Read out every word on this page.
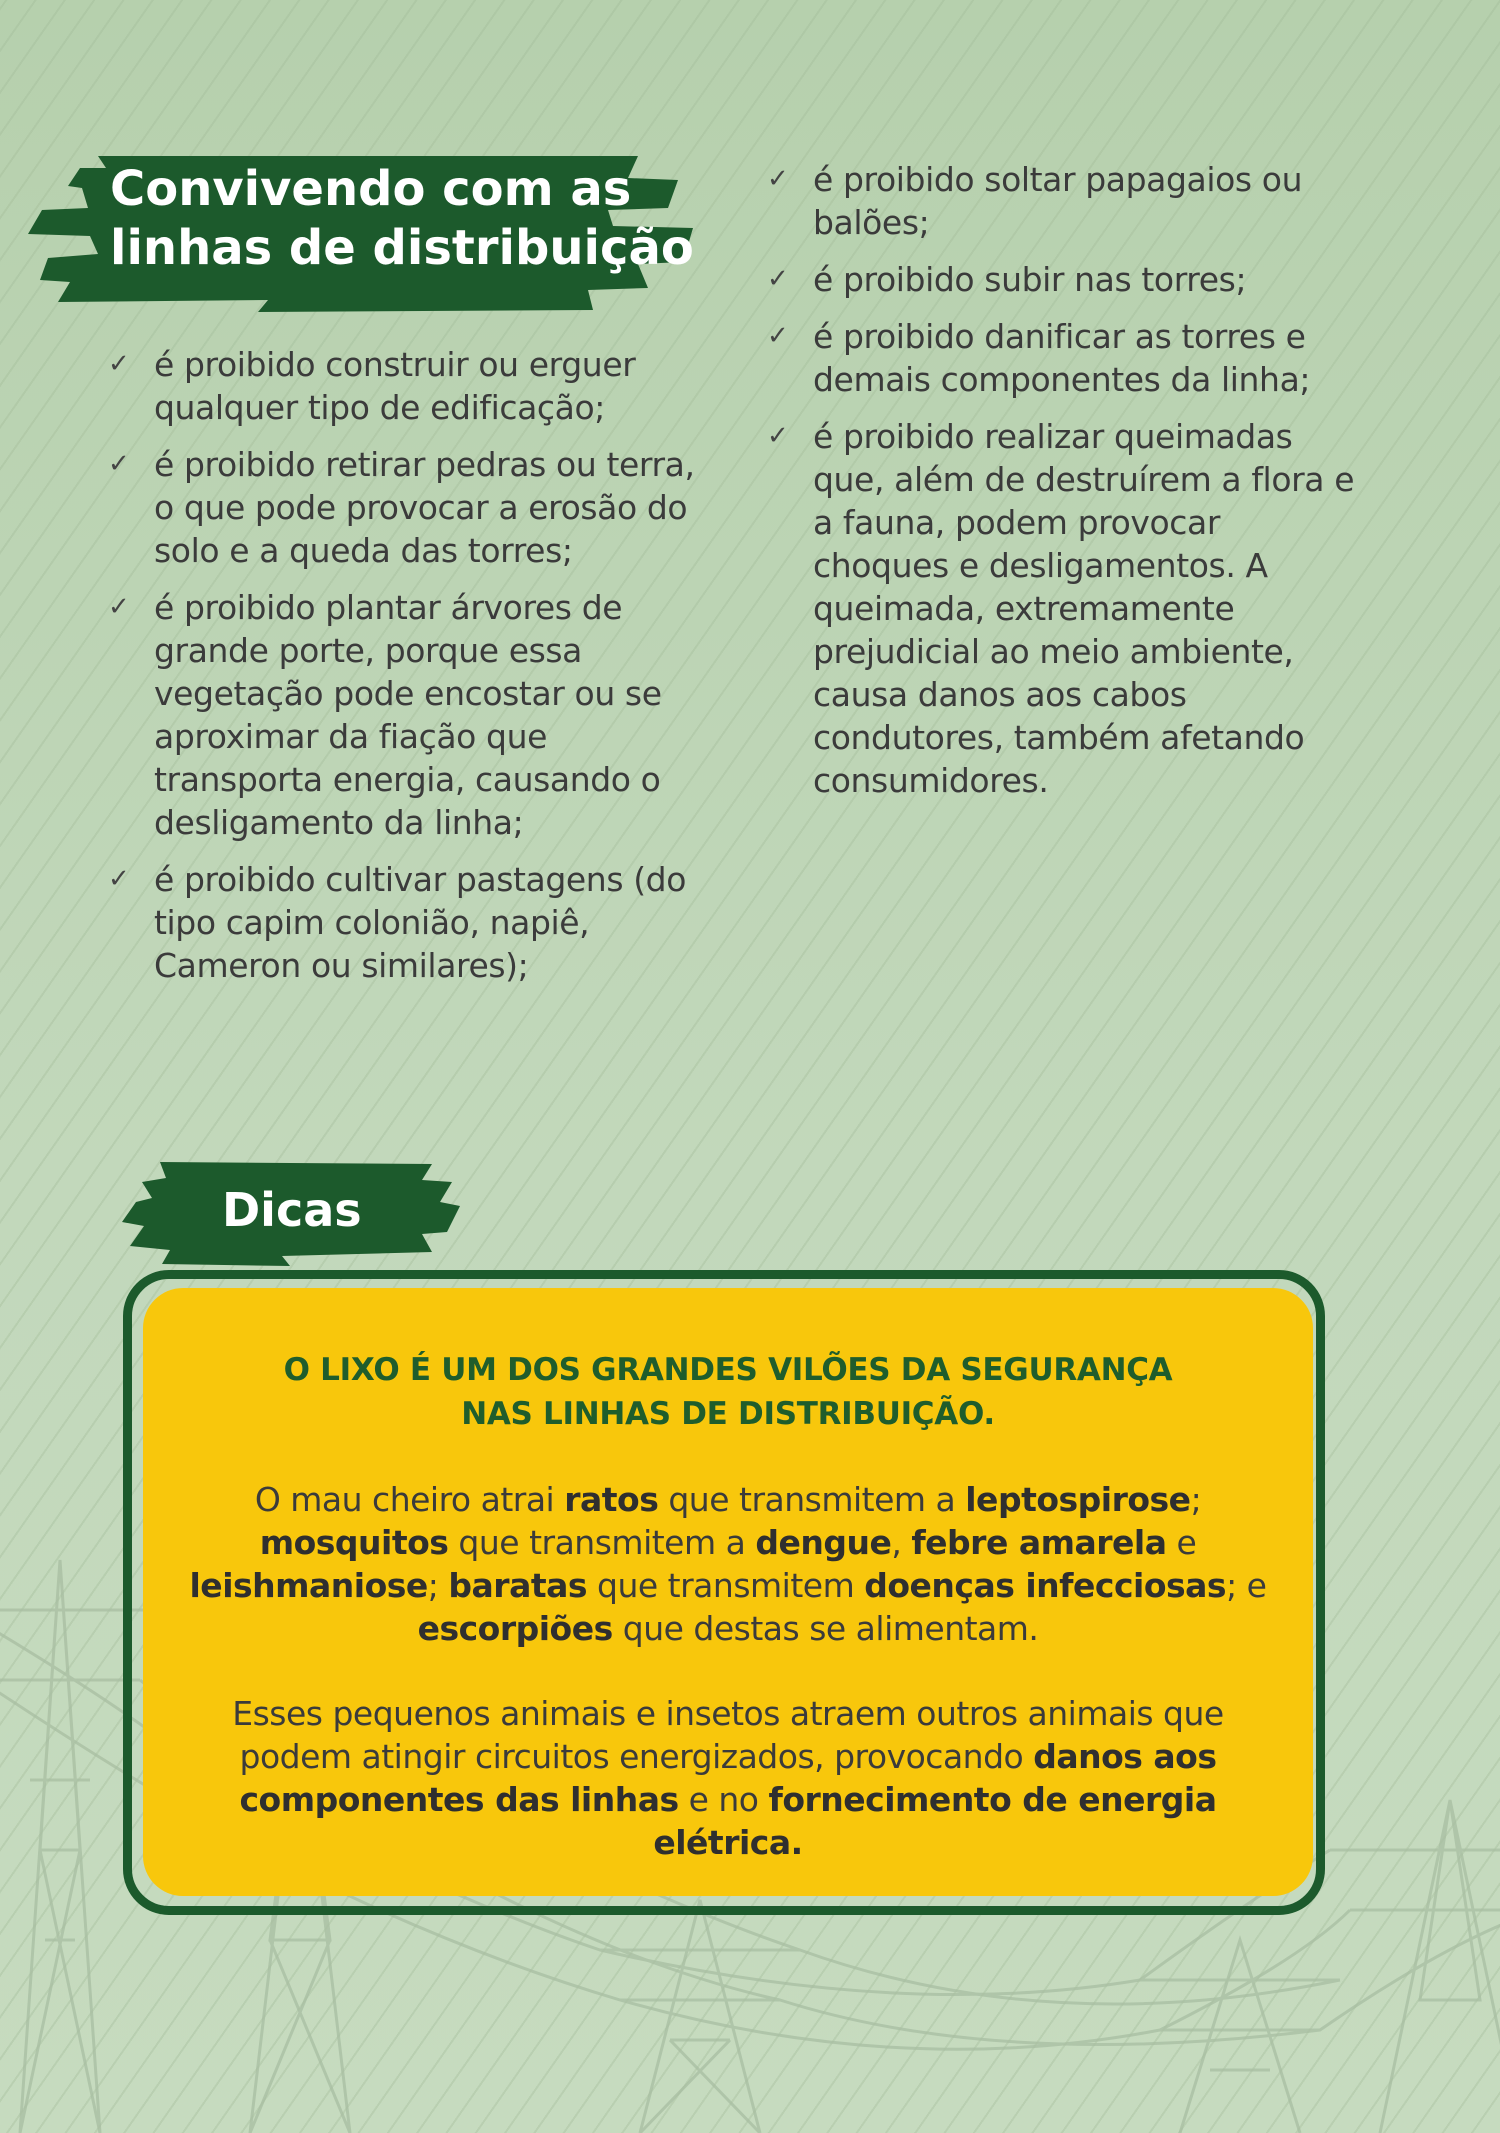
Convivendo com as
linhas de distribuição
✓ é proibido construir ou erguer qualquer tipo de edificação;
✓ é proibido retirar pedras ou terra, o que pode provocar a erosão do solo e a queda das torres;
✓ é proibido plantar árvores de grande porte, porque essa vegetação pode encostar ou se aproximar da fiação que transporta energia, causando o desligamento da linha;
✓ é proibido cultivar pastagens (do tipo capim colonião, napiê, Cameron ou similares);
✓ é proibido soltar papagaios ou balões;
✓ é proibido subir nas torres;
✓ é proibido danificar as torres e demais componentes da linha;
✓ é proibido realizar queimadas que, além de destruírem a flora e a fauna, podem provocar choques e desligamentos. A queimada, extremamente prejudicial ao meio ambiente, causa danos aos cabos condutores, também afetando consumidores.
Dicas
O LIXO É UM DOS GRANDES VILÕES DA SEGURANÇA
NAS LINHAS DE DISTRIBUIÇÃO.
O mau cheiro atrai ratos que transmitem a leptospirose;
mosquitos que transmitem a dengue, febre amarela e
leishmaniose; baratas que transmitem doenças infecciosas; e
escorpiões que destas se alimentam.
Esses pequenos animais e insetos atraem outros animais que
podem atingir circuitos energizados, provocando danos aos
componentes das linhas e no fornecimento de energia elétrica.
